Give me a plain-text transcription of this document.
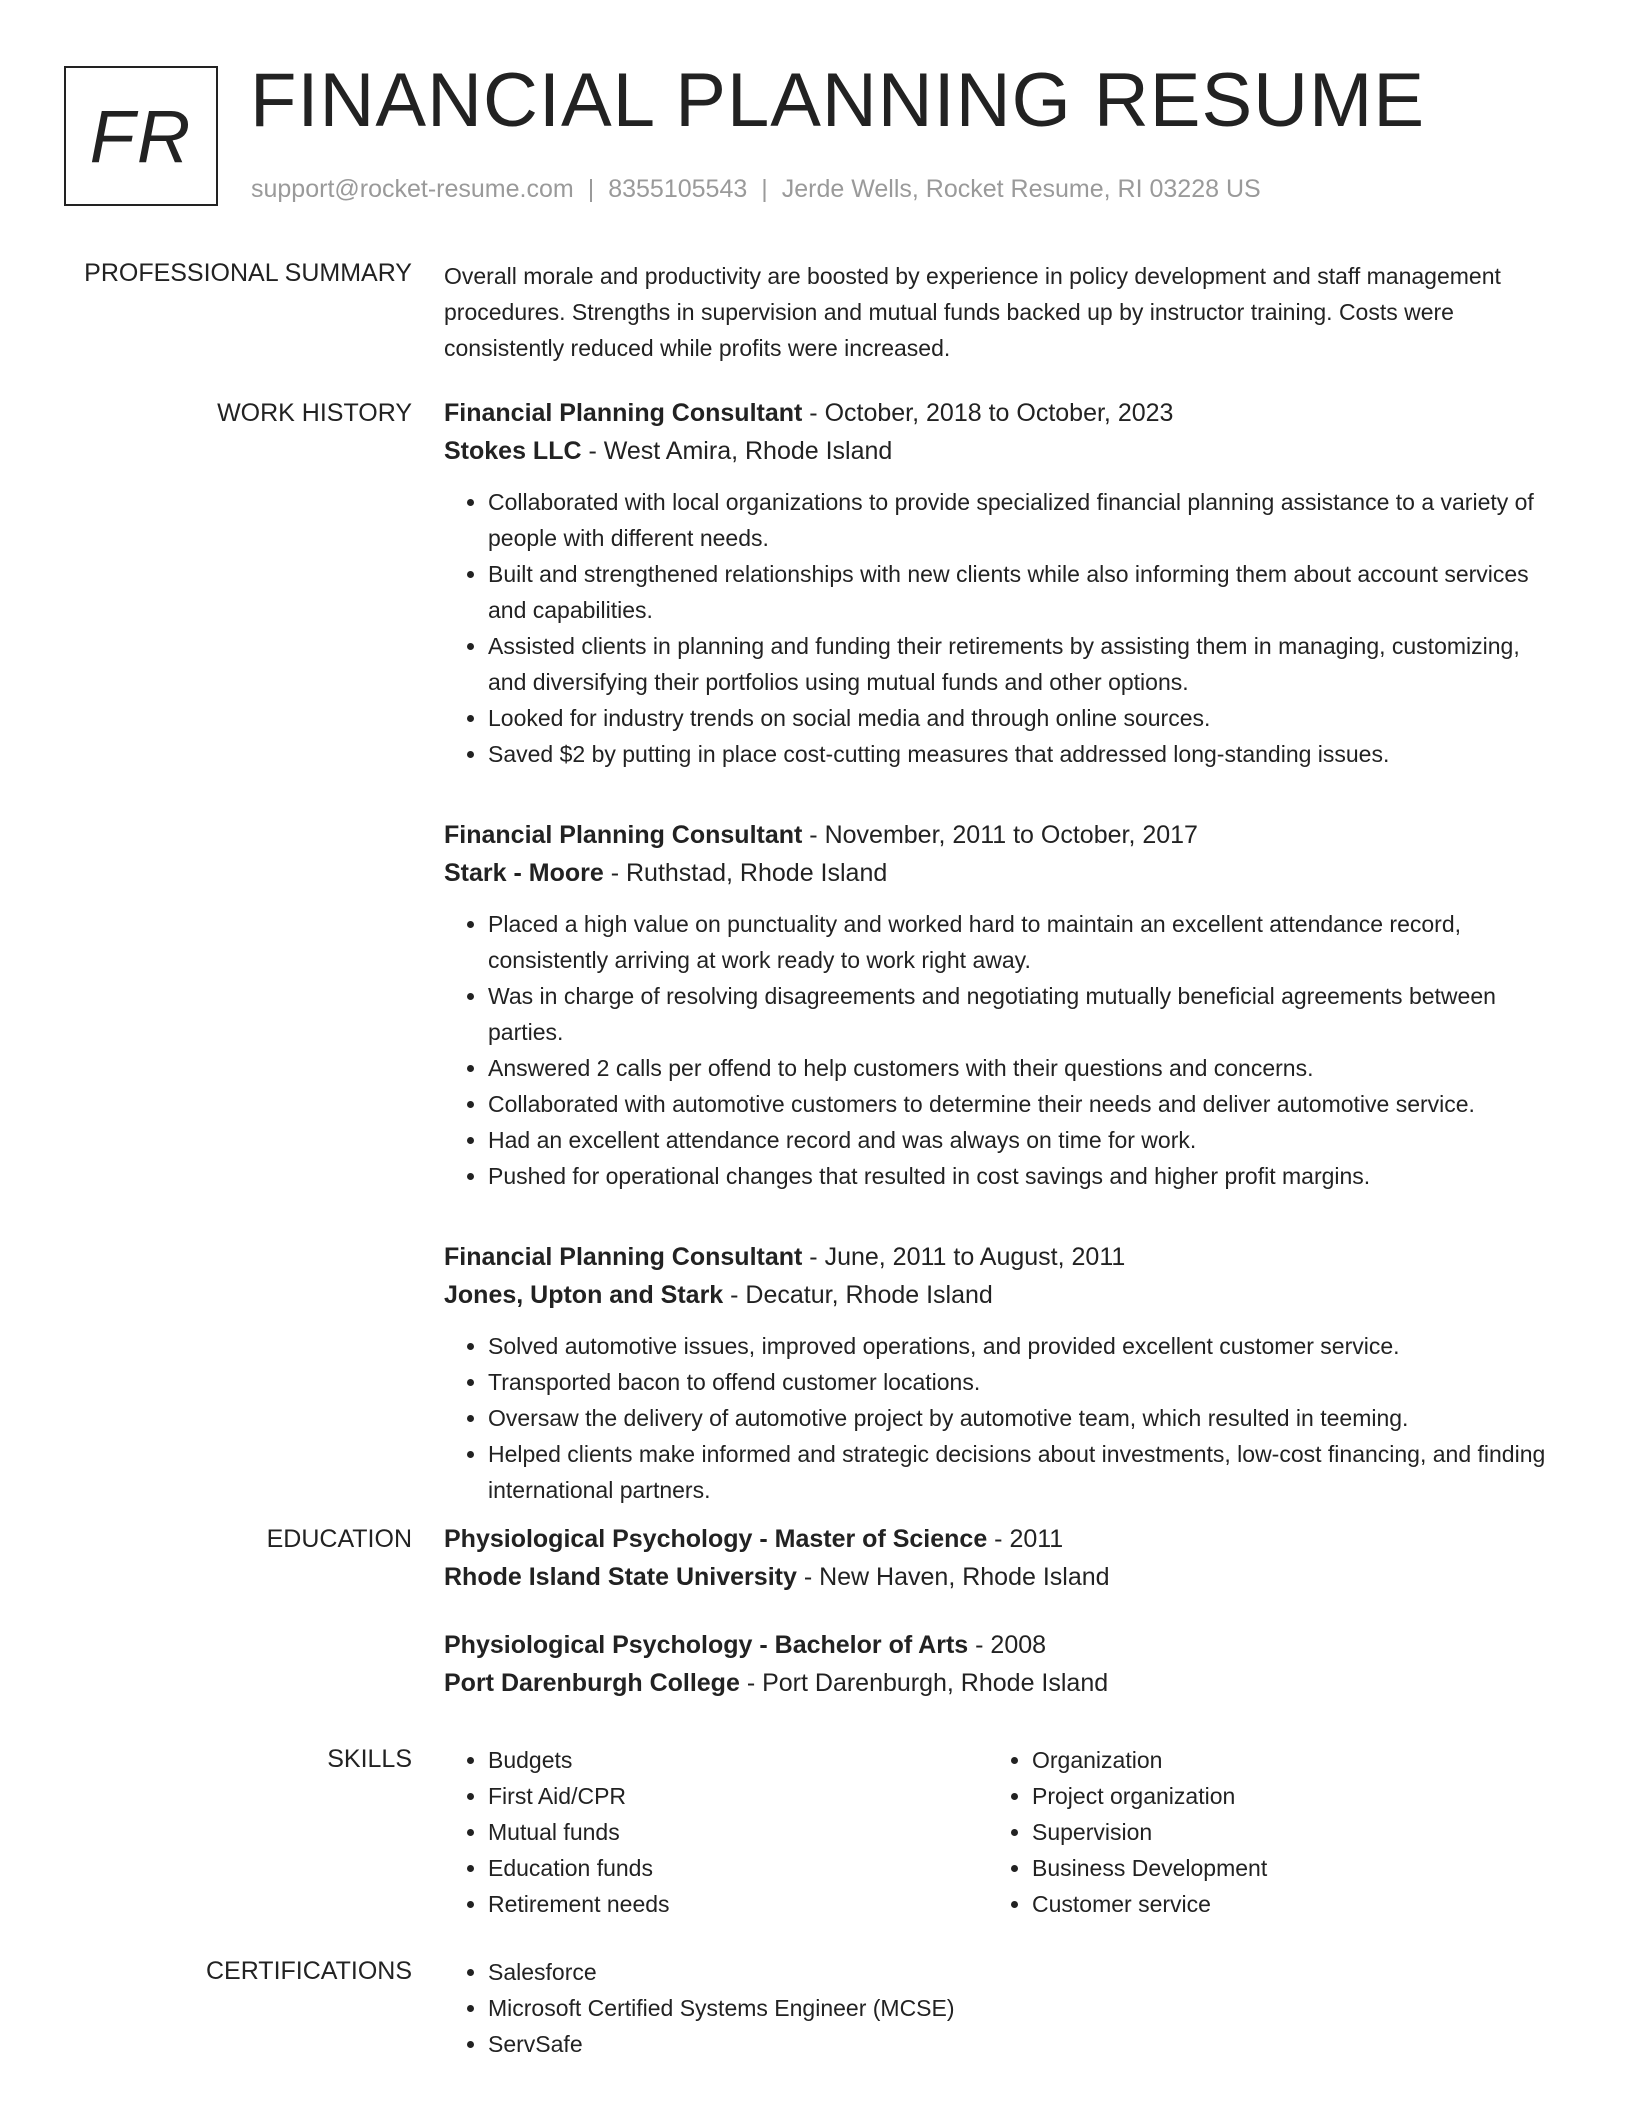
FR FINANCIAL PLANNING RESUME
support@rocket-resume.com | 8355105543 | Jerde Wells, Rocket Resume, RI 03228 US
PROFESSIONAL SUMMARY Overall morale and productivity are boosted by experience in policy development and staff management procedures. Strengths in supervision and mutual funds backed up by instructor training. Costs were consistently reduced while profits were increased.
WORK HISTORY Financial Planning Consultant - October, 2018 to October, 2023
Stokes LLC - West Amira, Rhode Island
• Collaborated with local organizations to provide specialized financial planning assistance to a variety of people with different needs.
• Built and strengthened relationships with new clients while also informing them about account services and capabilities.
• Assisted clients in planning and funding their retirements by assisting them in managing, customizing, and diversifying their portfolios using mutual funds and other options.
• Looked for industry trends on social media and through online sources.
• Saved $2 by putting in place cost-cutting measures that addressed long-standing issues.
Financial Planning Consultant - November, 2011 to October, 2017
Stark - Moore - Ruthstad, Rhode Island
• Placed a high value on punctuality and worked hard to maintain an excellent attendance record, consistently arriving at work ready to work right away.
• Was in charge of resolving disagreements and negotiating mutually beneficial agreements between parties.
• Answered 2 calls per offend to help customers with their questions and concerns.
• Collaborated with automotive customers to determine their needs and deliver automotive service.
• Had an excellent attendance record and was always on time for work.
• Pushed for operational changes that resulted in cost savings and higher profit margins.
Financial Planning Consultant - June, 2011 to August, 2011
Jones, Upton and Stark - Decatur, Rhode Island
• Solved automotive issues, improved operations, and provided excellent customer service.
• Transported bacon to offend customer locations.
• Oversaw the delivery of automotive project by automotive team, which resulted in teeming.
• Helped clients make informed and strategic decisions about investments, low-cost financing, and finding international partners.
EDUCATION Physiological Psychology - Master of Science - 2011
Rhode Island State University - New Haven, Rhode Island
Physiological Psychology - Bachelor of Arts - 2008
Port Darenburgh College - Port Darenburgh, Rhode Island
SKILLS	• Budgets
• First Aid/CPR
• Mutual funds
• Education funds
• Retirement needs
• Organization
• Project organization
• Supervision
• Business Development
• Customer service
CERTIFICATIONS	• Salesforce
• Microsoft Certified Systems Engineer (MCSE)
• ServSafe
